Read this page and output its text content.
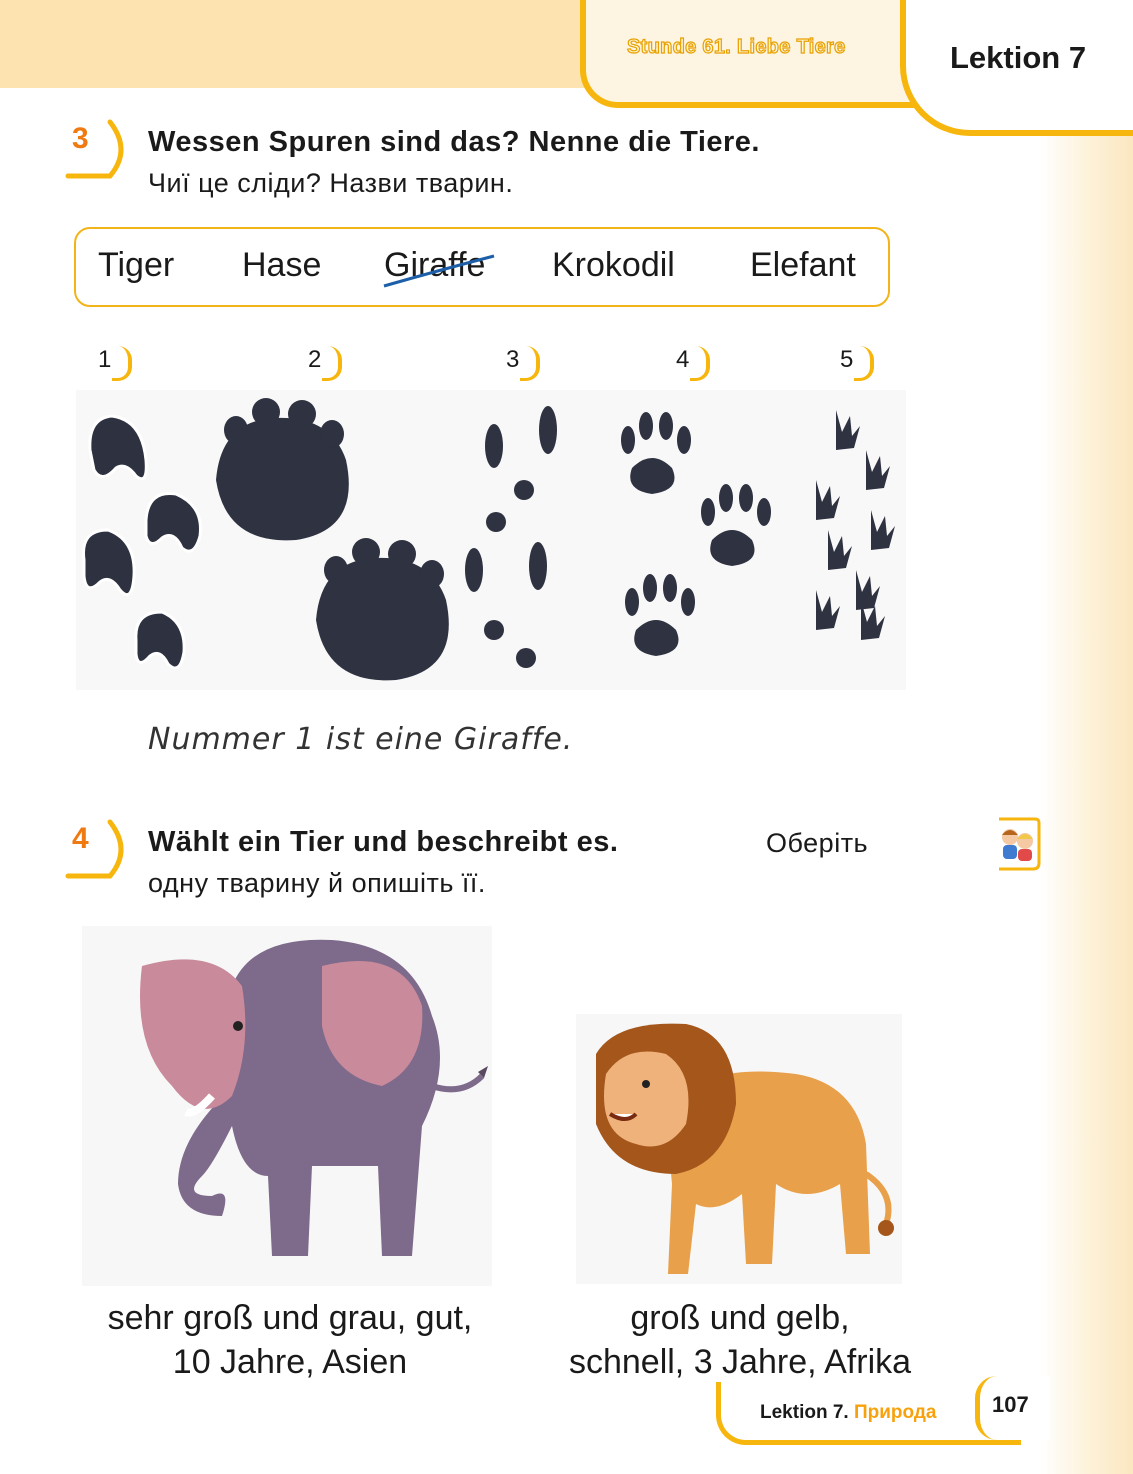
Stunde 61. Liebe Tiere	Lektion 7
3 Wessen Spuren sind das? Nenne die Tiere.
Чиї це сліди? Назви тварин.
Tiger Hase Giraffe Krokodil Elefant
1	2	3	4	5
Nummer 1 ist eine Giraffe.
4 Wählt ein Tier und beschreibt es.	Оберіть
одну тварину й опишіть її.
sehr groß und grau, gut,
10 Jahre, Asien
groß und gelb,
schnell, 3 Jahre, Afrika
Lektion 7. Природа	107
